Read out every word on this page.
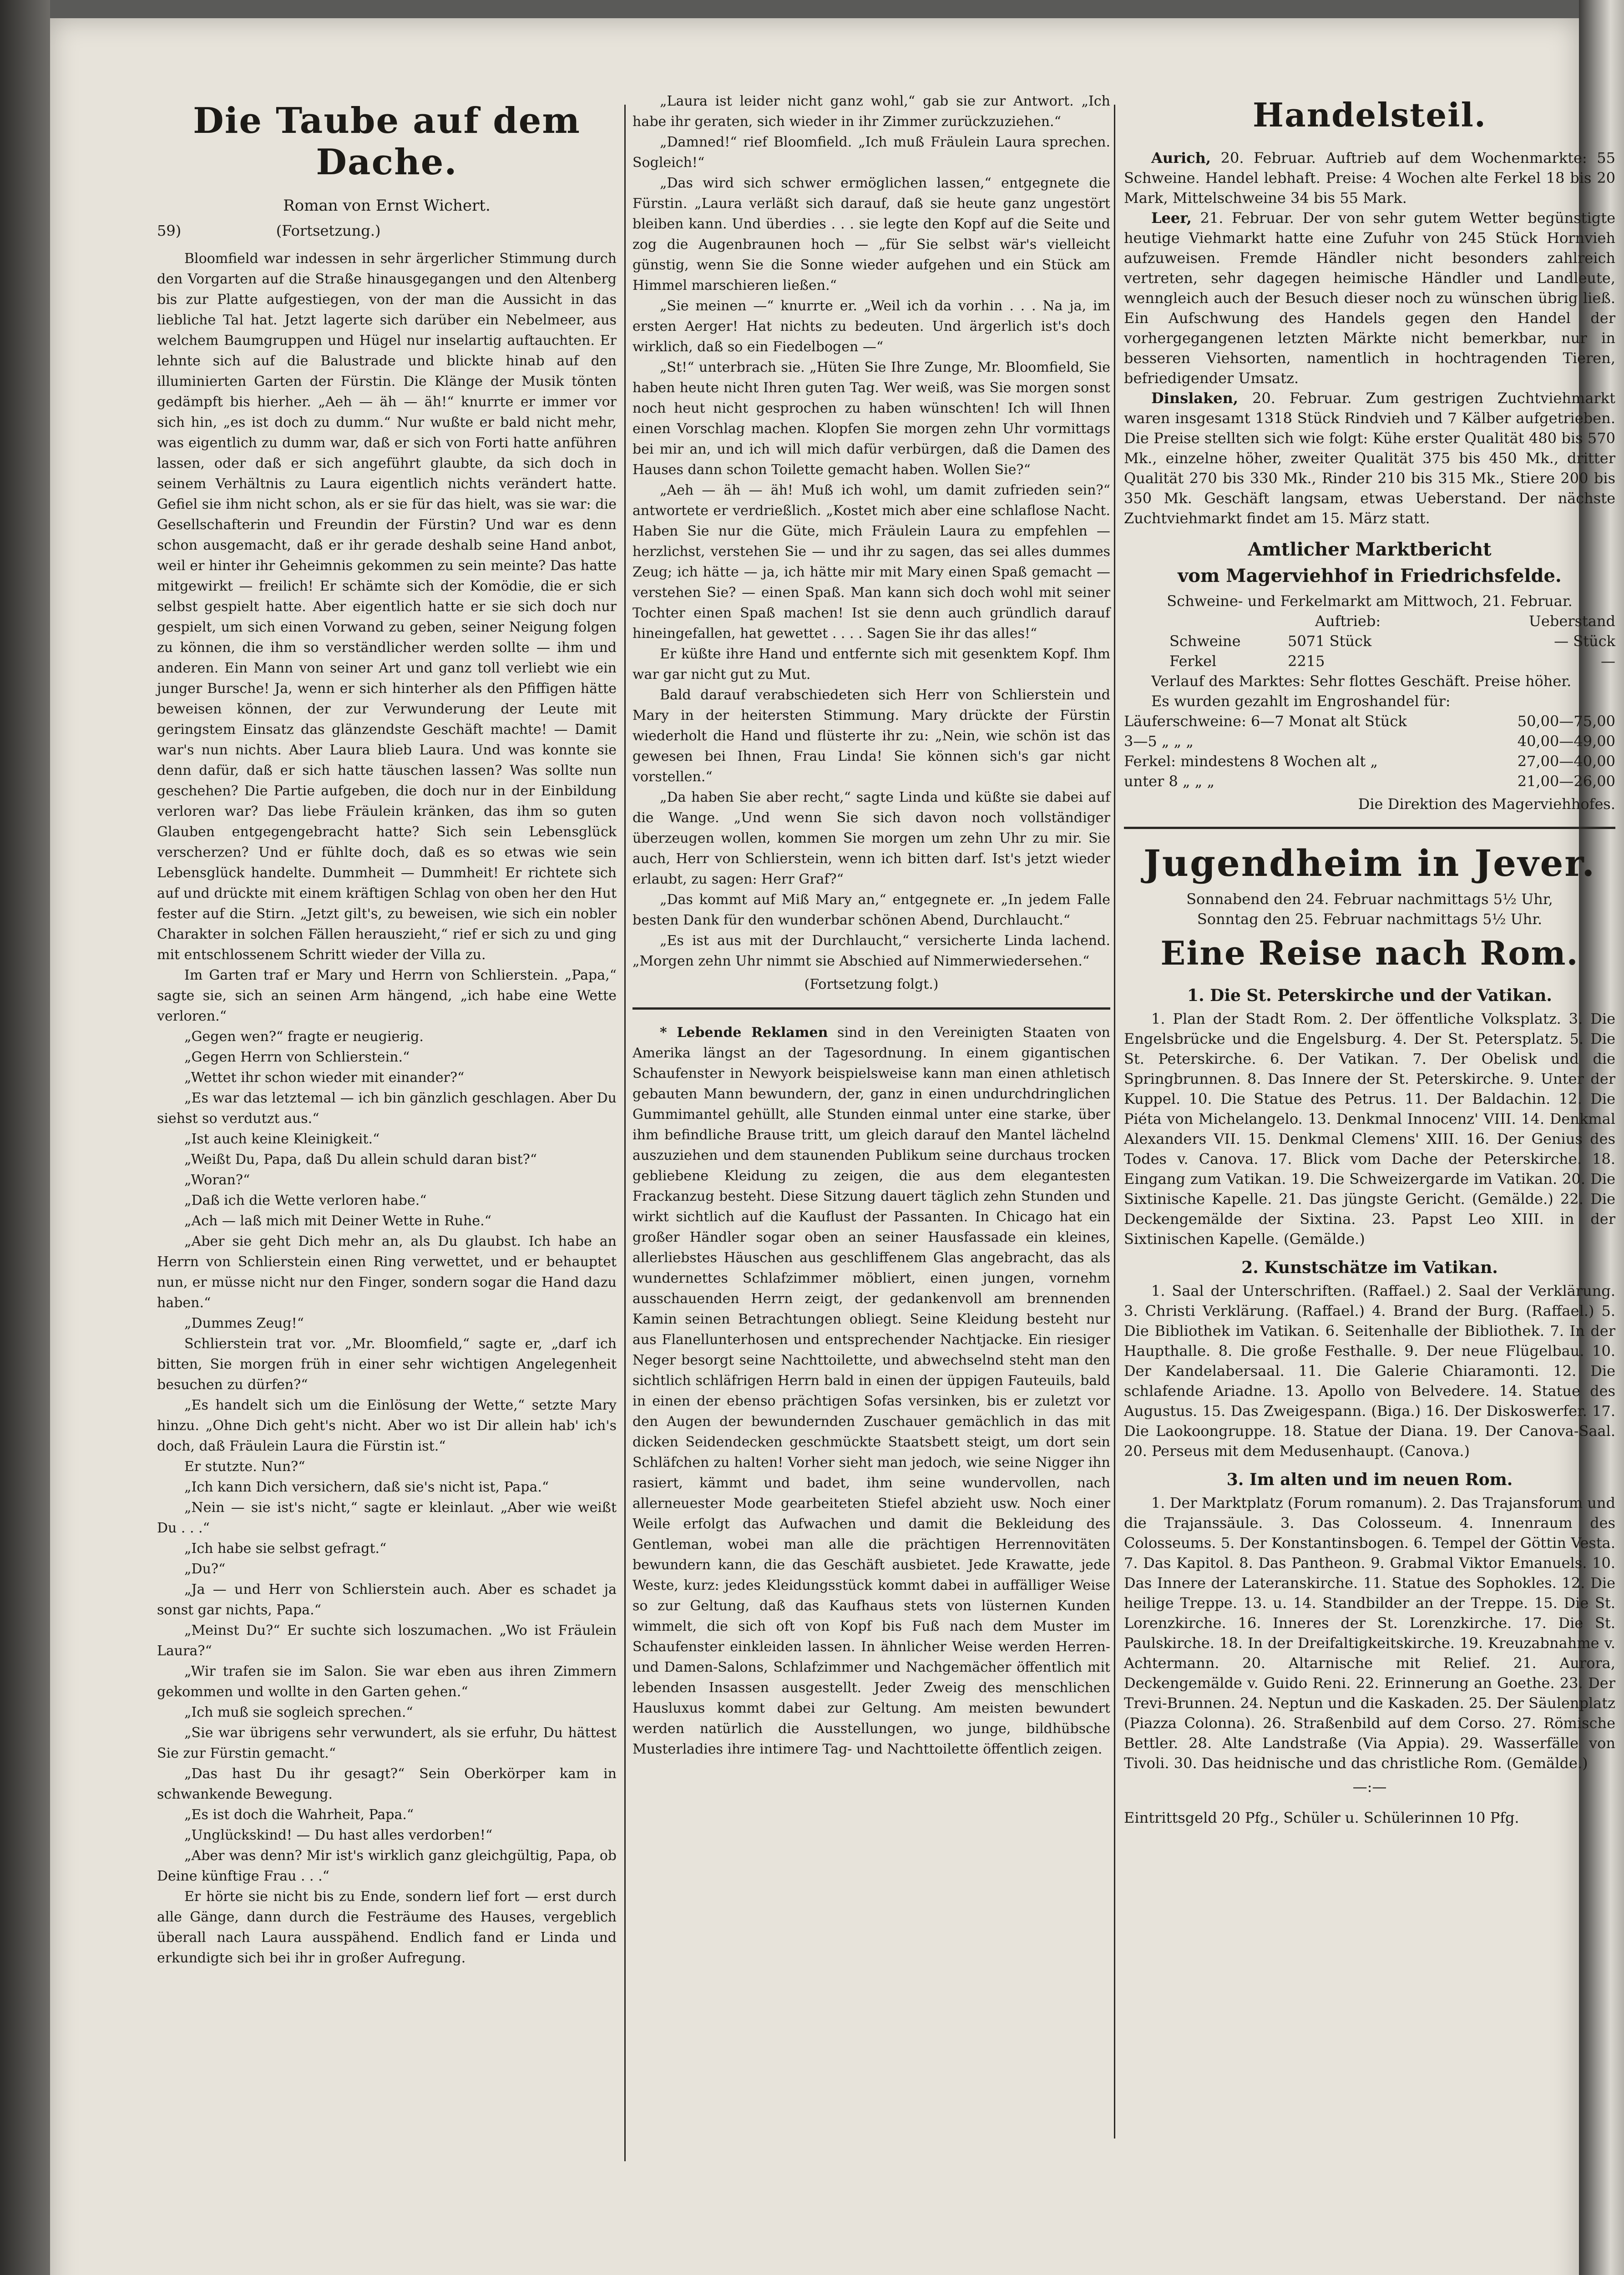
Die Taube auf dem Dache.
Roman von Ernst Wichert.
59)	(Fortsetzung.)

Bloomfield war indessen in sehr ärgerlicher Stimmung durch den Vorgarten auf die Straße hinausgegangen und den Altenberg bis zur Platte aufgestiegen, von der man die Aussicht in das liebliche Tal hat. Jetzt lagerte sich darüber ein Nebelmeer, aus welchem Baumgruppen und Hügel nur inselartig auftauchten. Er lehnte sich auf die Balustrade und blickte hinab auf den illuminierten Garten der Fürstin. Die Klänge der Musik tönten gedämpft bis hierher. „Aeh — äh — äh!“ knurrte er immer vor sich hin, „es ist doch zu dumm.“ Nur wußte er bald nicht mehr, was eigentlich zu dumm war, daß er sich von Forti hatte anführen lassen, oder daß er sich angeführt glaubte, da sich doch in seinem Verhältnis zu Laura eigentlich nichts verändert hatte. Gefiel sie ihm nicht schon, als er sie für das hielt, was sie war: die Gesellschafterin und Freundin der Fürstin? Und war es denn schon ausgemacht, daß er ihr gerade deshalb seine Hand anbot, weil er hinter ihr Geheimnis gekommen zu sein meinte? Das hatte mitgewirkt — freilich! Er schämte sich der Komödie, die er sich selbst gespielt hatte. Aber eigentlich hatte er sie sich doch nur gespielt, um sich einen Vorwand zu geben, seiner Neigung folgen zu können, die ihm so verständlicher werden sollte — ihm und anderen. Ein Mann von seiner Art und ganz toll verliebt wie ein junger Bursche! Ja, wenn er sich hinterher als den Pfiffigen hätte beweisen können, der zur Verwunderung der Leute mit geringstem Einsatz das glänzendste Geschäft machte! — Damit war's nun nichts. Aber Laura blieb Laura. Und was konnte sie denn dafür, daß er sich hatte täuschen lassen? Was sollte nun geschehen? Die Partie aufgeben, die doch nur in der Einbildung verloren war? Das liebe Fräulein kränken, das ihm so guten Glauben entgegengebracht hatte? Sich sein Lebensglück verscherzen? Und er fühlte doch, daß es so etwas wie sein Lebensglück handelte. Dummheit — Dummheit! Er richtete sich auf und drückte mit einem kräftigen Schlag von oben her den Hut fester auf die Stirn. „Jetzt gilt's, zu beweisen, wie sich ein nobler Charakter in solchen Fällen herauszieht,“ rief er sich zu und ging mit entschlossenem Schritt wieder der Villa zu.

Im Garten traf er Mary und Herrn von Schlierstein. „Papa,“ sagte sie, sich an seinen Arm hängend, „ich habe eine Wette verloren.“

„Gegen wen?“ fragte er neugierig.

„Gegen Herrn von Schlierstein.“

„Wettet ihr schon wieder mit einander?“

„Es war das letztemal — ich bin gänzlich geschlagen. Aber Du siehst so verdutzt aus.“

„Ist auch keine Kleinigkeit.“

„Weißt Du, Papa, daß Du allein schuld daran bist?“

„Woran?“

„Daß ich die Wette verloren habe.“

„Ach — laß mich mit Deiner Wette in Ruhe.“

„Aber sie geht Dich mehr an, als Du glaubst. Ich habe an Herrn von Schlierstein einen Ring verwettet, und er behauptet nun, er müsse nicht nur den Finger, sondern sogar die Hand dazu haben.“

„Dummes Zeug!“

Schlierstein trat vor. „Mr. Bloomfield,“ sagte er, „darf ich bitten, Sie morgen früh in einer sehr wichtigen Angelegenheit besuchen zu dürfen?“

„Es handelt sich um die Einlösung der Wette,“ setzte Mary hinzu. „Ohne Dich geht's nicht. Aber wo ist Dir allein hab' ich's doch, daß Fräulein Laura die Fürstin ist.“

Er stutzte. Nun?“

„Ich kann Dich versichern, daß sie's nicht ist, Papa.“

„Nein — sie ist's nicht,“ sagte er kleinlaut. „Aber wie weißt Du . . .“

„Ich habe sie selbst gefragt.“

„Du?“

„Ja — und Herr von Schlierstein auch. Aber es schadet ja sonst gar nichts, Papa.“

„Meinst Du?“ Er suchte sich loszumachen. „Wo ist Fräulein Laura?“

„Wir trafen sie im Salon. Sie war eben aus ihren Zimmern gekommen und wollte in den Garten gehen.“

„Ich muß sie sogleich sprechen.“

„Sie war übrigens sehr verwundert, als sie erfuhr, Du hättest Sie zur Fürstin gemacht.“

„Das hast Du ihr gesagt?“ Sein Oberkörper kam in schwankende Bewegung.

„Es ist doch die Wahrheit, Papa.“

„Unglückskind! — Du hast alles verdorben!“

„Aber was denn? Mir ist's wirklich ganz gleichgültig, Papa, ob Deine künftige Frau . . .“

Er hörte sie nicht bis zu Ende, sondern lief fort — erst durch alle Gänge, dann durch die Festräume des Hauses, vergeblich überall nach Laura ausspähend. Endlich fand er Linda und erkundigte sich bei ihr in großer Aufregung.

„Laura ist leider nicht ganz wohl,“ gab sie zur Antwort. „Ich habe ihr geraten, sich wieder in ihr Zimmer zurückzuziehen.“

„Damned!“ rief Bloomfield. „Ich muß Fräulein Laura sprechen. Sogleich!“

„Das wird sich schwer ermöglichen lassen,“ entgegnete die Fürstin. „Laura verläßt sich darauf, daß sie heute ganz ungestört bleiben kann. Und überdies . . . sie legte den Kopf auf die Seite und zog die Augenbraunen hoch — „für Sie selbst wär's vielleicht günstig, wenn Sie die Sonne wieder aufgehen und ein Stück am Himmel marschieren ließen.“

„Sie meinen —“ knurrte er. „Weil ich da vorhin . . . Na ja, im ersten Aerger! Hat nichts zu bedeuten. Und ärgerlich ist's doch wirklich, daß so ein Fiedelbogen —“

„St!“ unterbrach sie. „Hüten Sie Ihre Zunge, Mr. Bloomfield, Sie haben heute nicht Ihren guten Tag. Wer weiß, was Sie morgen sonst noch heut nicht gesprochen zu haben wünschten! Ich will Ihnen einen Vorschlag machen. Klopfen Sie morgen zehn Uhr vormittags bei mir an, und ich will mich dafür verbürgen, daß die Damen des Hauses dann schon Toilette gemacht haben. Wollen Sie?“

„Aeh — äh — äh! Muß ich wohl, um damit zufrieden sein?“ antwortete er verdrießlich. „Kostet mich aber eine schlaflose Nacht. Haben Sie nur die Güte, mich Fräulein Laura zu empfehlen — herzlichst, verstehen Sie — und ihr zu sagen, das sei alles dummes Zeug; ich hätte — ja, ich hätte mir mit Mary einen Spaß gemacht — verstehen Sie? — einen Spaß. Man kann sich doch wohl mit seiner Tochter einen Spaß machen! Ist sie denn auch gründlich darauf hineingefallen, hat gewettet . . . . Sagen Sie ihr das alles!“

Er küßte ihre Hand und entfernte sich mit gesenktem Kopf. Ihm war gar nicht gut zu Mut.

Bald darauf verabschiedeten sich Herr von Schlierstein und Mary in der heitersten Stimmung. Mary drückte der Fürstin wiederholt die Hand und flüsterte ihr zu: „Nein, wie schön ist das gewesen bei Ihnen, Frau Linda! Sie können sich's gar nicht vorstellen.“

„Da haben Sie aber recht,“ sagte Linda und küßte sie dabei auf die Wange. „Und wenn Sie sich davon noch vollständiger überzeugen wollen, kommen Sie morgen um zehn Uhr zu mir. Sie auch, Herr von Schlierstein, wenn ich bitten darf. Ist's jetzt wieder erlaubt, zu sagen: Herr Graf?“

„Das kommt auf Miß Mary an,“ entgegnete er. „In jedem Falle besten Dank für den wunderbar schönen Abend, Durchlaucht.“

„Es ist aus mit der Durchlaucht,“ versicherte Linda lachend. „Morgen zehn Uhr nimmt sie Abschied auf Nimmerwiedersehen.“

(Fortsetzung folgt.)

* Lebende Reklamen sind in den Vereinigten Staaten von Amerika längst an der Tagesordnung. In einem gigantischen Schaufenster in Newyork beispielsweise kann man einen athletisch gebauten Mann bewundern, der, ganz in einen undurchdringlichen Gummimantel gehüllt, alle Stunden einmal unter eine starke, über ihm befindliche Brause tritt, um gleich darauf den Mantel lächelnd auszuziehen und dem staunenden Publikum seine durchaus trocken gebliebene Kleidung zu zeigen, die aus dem elegantesten Frackanzug besteht. Diese Sitzung dauert täglich zehn Stunden und wirkt sichtlich auf die Kauflust der Passanten. In Chicago hat ein großer Händler sogar oben an seiner Hausfassade ein kleines, allerliebstes Häuschen aus geschliffenem Glas angebracht, das als wundernettes Schlafzimmer möbliert, einen jungen, vornehm ausschauenden Herrn zeigt, der gedankenvoll am brennenden Kamin seinen Betrachtungen obliegt. Seine Kleidung besteht nur aus Flanellunterhosen und entsprechender Nachtjacke. Ein riesiger Neger besorgt seine Nachttoilette, und abwechselnd steht man den sichtlich schläfrigen Herrn bald in einen der üppigen Fauteuils, bald in einen der ebenso prächtigen Sofas versinken, bis er zuletzt vor den Augen der bewundernden Zuschauer gemächlich in das mit dicken Seidendecken geschmückte Staatsbett steigt, um dort sein Schläfchen zu halten! Vorher sieht man jedoch, wie seine Nigger ihn rasiert, kämmt und badet, ihm seine wundervollen, nach allerneuester Mode gearbeiteten Stiefel abzieht usw. Noch einer Weile erfolgt das Aufwachen und damit die Bekleidung des Gentleman, wobei man alle die prächtigen Herrennovitäten bewundern kann, die das Geschäft ausbietet. Jede Krawatte, jede Weste, kurz: jedes Kleidungsstück kommt dabei in auffälliger Weise so zur Geltung, daß das Kaufhaus stets von lüsternen Kunden wimmelt, die sich oft von Kopf bis Fuß nach dem Muster im Schaufenster einkleiden lassen. In ähnlicher Weise werden Herren- und Damen-Salons, Schlafzimmer und Nachgemächer öffentlich mit lebenden Insassen ausgestellt. Jeder Zweig des menschlichen Hausluxus kommt dabei zur Geltung. Am meisten bewundert werden natürlich die Ausstellungen, wo junge, bildhübsche Musterladies ihre intimere Tag- und Nachttoilette öffentlich zeigen.

Handelsteil.

Aurich, 20. Februar. Auftrieb auf dem Wochenmarkte: 55 Schweine. Handel lebhaft. Preise: 4 Wochen alte Ferkel 18 bis 20 Mark, Mittelschweine 34 bis 55 Mark.

Leer, 21. Februar. Der von sehr gutem Wetter begünstigte heutige Viehmarkt hatte eine Zufuhr von 245 Stück Hornvieh aufzuweisen. Fremde Händler nicht besonders zahlreich vertreten, sehr dagegen heimische Händler und Landleute, wenngleich auch der Besuch dieser noch zu wünschen übrig ließ. Ein Aufschwung des Handels gegen den Handel der vorhergegangenen letzten Märkte nicht bemerkbar, nur in besseren Viehsorten, namentlich in hochtragenden Tieren, befriedigender Umsatz.

Dinslaken, 20. Februar. Zum gestrigen Zuchtviehmarkt waren insgesamt 1318 Stück Rindvieh und 7 Kälber aufgetrieben. Die Preise stellten sich wie folgt: Kühe erster Qualität 480 bis 570 Mk., einzelne höher, zweiter Qualität 375 bis 450 Mk., dritter Qualität 270 bis 330 Mk., Rinder 210 bis 315 Mk., Stiere 200 bis 350 Mk. Geschäft langsam, etwas Ueberstand. Der nächste Zuchtviehmarkt findet am 15. März statt.

Amtlicher Marktbericht
vom Magerviehhof in Friedrichsfelde.
Schweine- und Ferkelmarkt am Mittwoch, 21. Februar.
Auftrieb:	Ueberstand
Schweine	5071 Stück	— Stück
Ferkel	2215	—
Verlauf des Marktes: Sehr flottes Geschäft. Preise höher.
Es wurden gezahlt im Engroshandel für:
Läuferschweine: 6—7 Monat alt Stück	50,00—75,00
3—5 „ „ „	40,00—49,00
Ferkel: mindestens 8 Wochen alt „	27,00—40,00
unter 8 „ „ „	21,00—26,00
Die Direktion des Magerviehhofes.
Jugendheim in Jever.
Sonnabend den 24. Februar nachmittags 5½ Uhr,
Sonntag den 25. Februar nachmittags 5½ Uhr.
Eine Reise nach Rom.
1. Die St. Peterskirche und der Vatikan.

1. Plan der Stadt Rom. 2. Der öffentliche Volksplatz. 3. Die Engelsbrücke und die Engelsburg. 4. Der St. Petersplatz. 5. Die St. Peterskirche. 6. Der Vatikan. 7. Der Obelisk und die Springbrunnen. 8. Das Innere der St. Peterskirche. 9. Unter der Kuppel. 10. Die Statue des Petrus. 11. Der Baldachin. 12. Die Piéta von Michelangelo. 13. Denkmal Innocenz' VIII. 14. Denkmal Alexanders VII. 15. Denkmal Clemens' XIII. 16. Der Genius des Todes v. Canova. 17. Blick vom Dache der Peterskirche. 18. Eingang zum Vatikan. 19. Die Schweizergarde im Vatikan. 20. Die Sixtinische Kapelle. 21. Das jüngste Gericht. (Gemälde.) 22. Die Deckengemälde der Sixtina. 23. Papst Leo XIII. in der Sixtinischen Kapelle. (Gemälde.)

2. Kunstschätze im Vatikan.

1. Saal der Unterschriften. (Raffael.) 2. Saal der Verklärung. 3. Christi Verklärung. (Raffael.) 4. Brand der Burg. (Raffael.) 5. Die Bibliothek im Vatikan. 6. Seitenhalle der Bibliothek. 7. In der Haupthalle. 8. Die große Festhalle. 9. Der neue Flügelbau. 10. Der Kandelabersaal. 11. Die Galerie Chiaramonti. 12. Die schlafende Ariadne. 13. Apollo von Belvedere. 14. Statue des Augustus. 15. Das Zweigespann. (Biga.) 16. Der Diskoswerfer. 17. Die Laokoongruppe. 18. Statue der Diana. 19. Der Canova-Saal. 20. Perseus mit dem Medusenhaupt. (Canova.)

3. Im alten und im neuen Rom.

1. Der Marktplatz (Forum romanum). 2. Das Trajansforum und die Trajanssäule. 3. Das Colosseum. 4. Innenraum des Colosseums. 5. Der Konstantinsbogen. 6. Tempel der Göttin Vesta. 7. Das Kapitol. 8. Das Pantheon. 9. Grabmal Viktor Emanuels. 10. Das Innere der Lateranskirche. 11. Statue des Sophokles. 12. Die heilige Treppe. 13. u. 14. Standbilder an der Treppe. 15. Die St. Lorenzkirche. 16. Inneres der St. Lorenzkirche. 17. Die St. Paulskirche. 18. In der Dreifaltigkeitskirche. 19. Kreuzabnahme v. Achtermann. 20. Altarnische mit Relief. 21. Aurora, Deckengemälde v. Guido Reni. 22. Erinnerung an Goethe. 23. Der Trevi-Brunnen. 24. Neptun und die Kaskaden. 25. Der Säulenplatz (Piazza Colonna). 26. Straßenbild auf dem Corso. 27. Römische Bettler. 28. Alte Landstraße (Via Appia). 29. Wasserfälle von Tivoli. 30. Das heidnische und das christliche Rom. (Gemälde.)

—:—
Eintrittsgeld 20 Pfg., Schüler u. Schülerinnen 10 Pfg.
